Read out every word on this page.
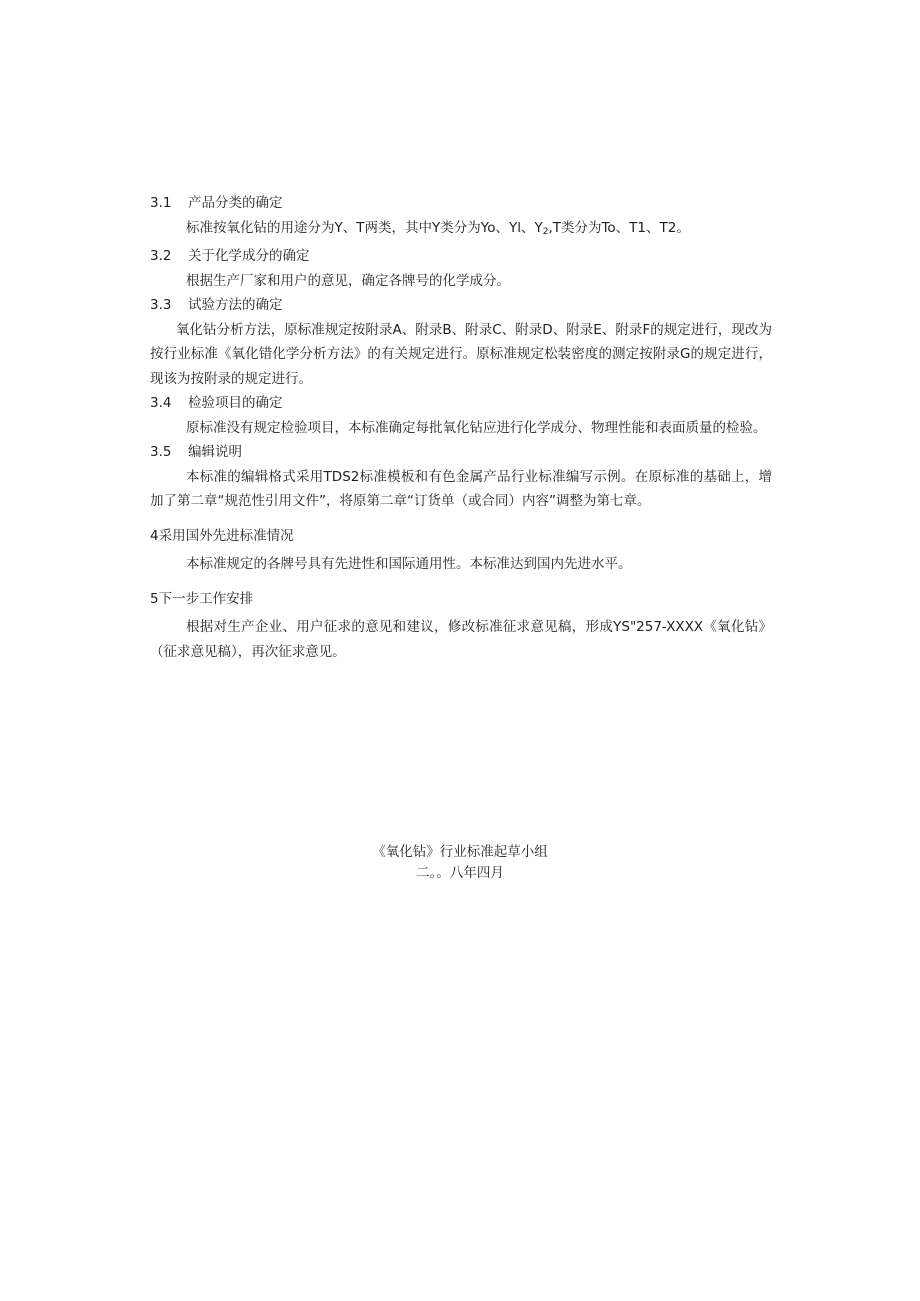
3.1	产品分类的确定
标准按氧化钻的用途分为Y、T两类，其中Y类分为Yo、Yl、$Y_2,T$类分为To、T1、T2。
3.2	关于化学成分的确定
根据生产厂家和用户的意见，确定各牌号的化学成分。
3.3	试验方法的确定
氧化钻分析方法，原标准规定按附录A、附录B、附录C、附录D、附录E、附录F的规定进行，现改为按行业标准《氧化错化学分析方法》的有关规定进行。原标准规定松装密度的测定按附录G的规定进行，现该为按附录的规定进行。
3.4	检验项目的确定
原标准没有规定检验项目，本标准确定每批氧化钻应进行化学成分、物理性能和表面质量的检验。
3.5	编辑说明
本标准的编辑格式采用TDS2标准模板和有色金属产品行业标准编写示例。在原标准的基础上，增加了第二章“规范性引用文件”，将原第二章“订货单（或合同）内容”调整为第七章。
4采用国外先进标准情况
本标准规定的各牌号具有先进性和国际通用性。本标准达到国内先进水平。
5下一步工作安排
根据对生产企业、用户征求的意见和建议，修改标准征求意见稿，形成YS"257-XXXX《氧化钻》（征求意见稿），再次征求意见。
《氧化钻》行业标准起草小组
二。。八年四月
